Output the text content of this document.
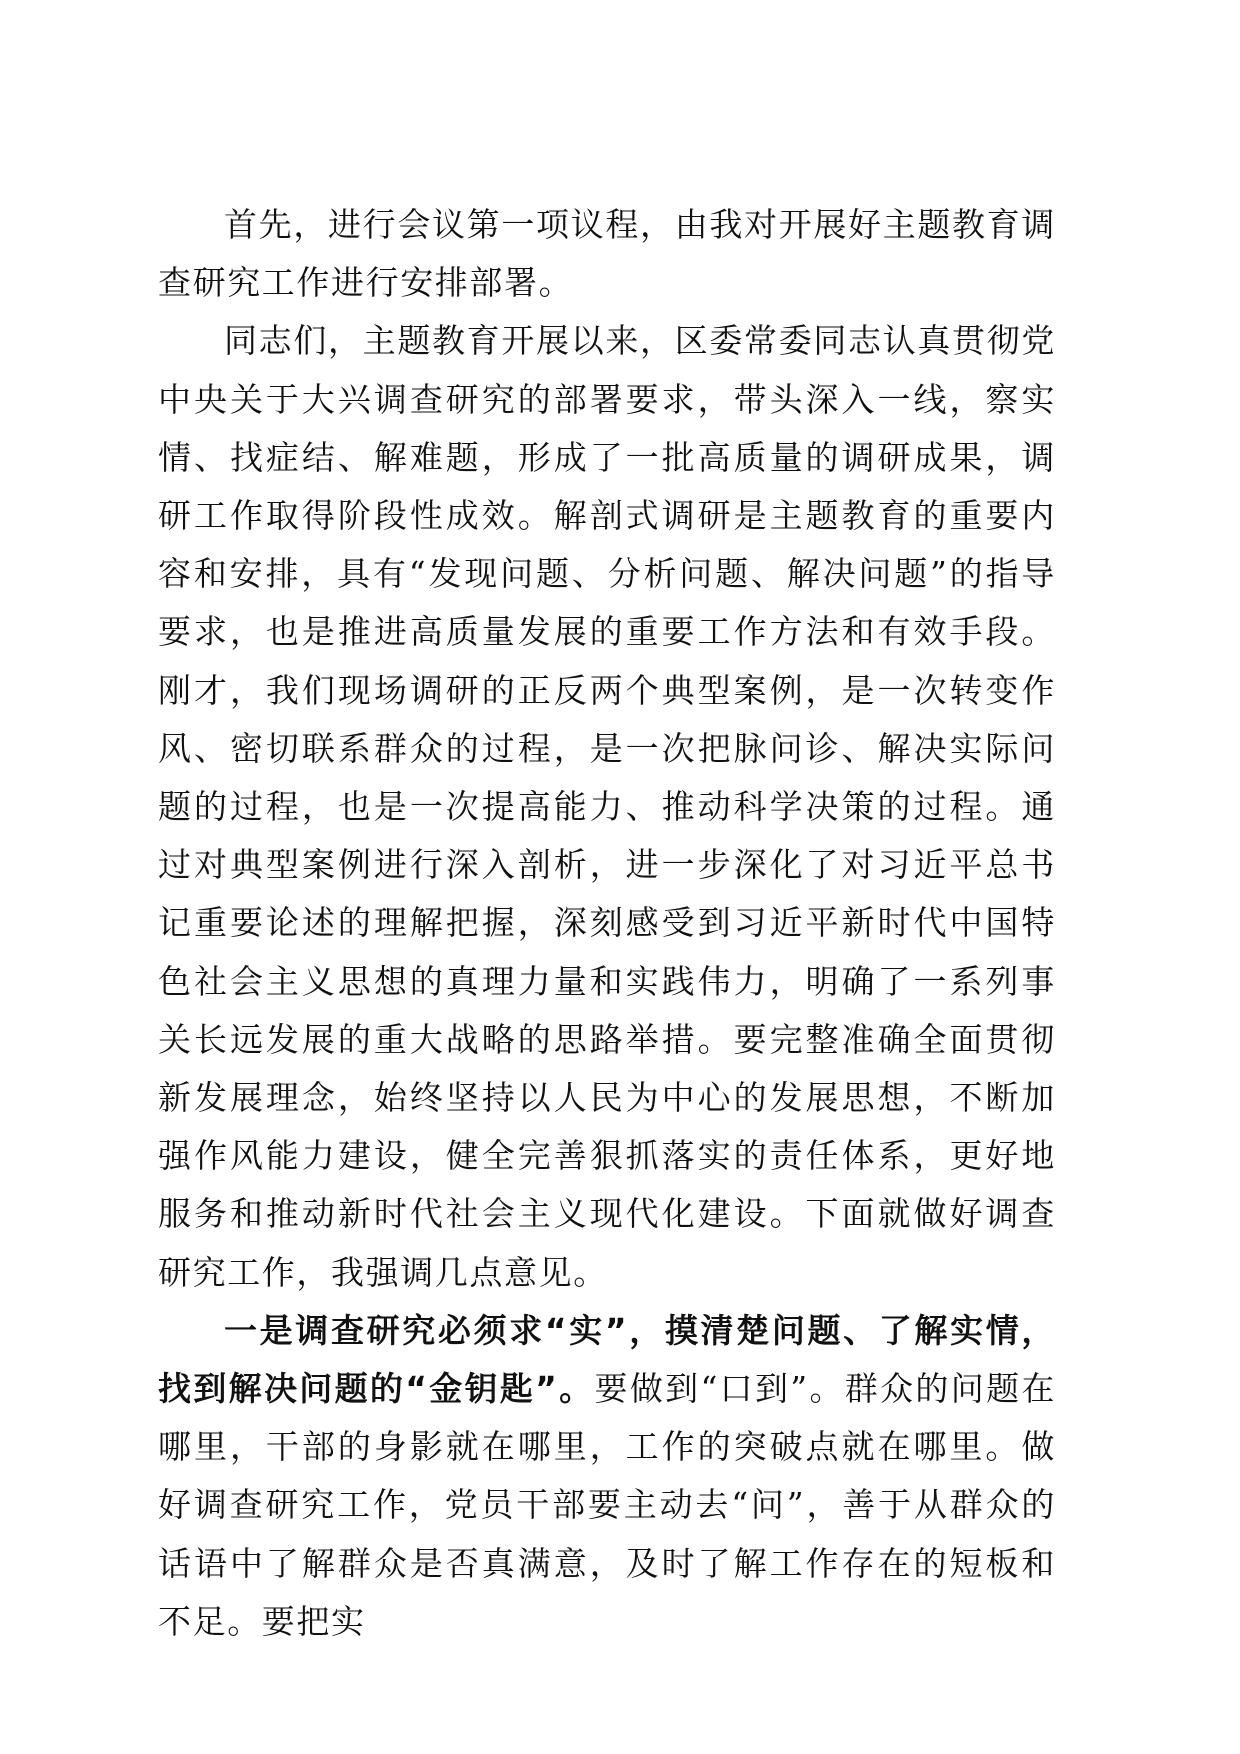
首先，进行会议第一项议程，由我对开展好主题教育调查研究工作进行安排部署。

同志们，主题教育开展以来，区委常委同志认真贯彻党中央关于大兴调查研究的部署要求，带头深入一线，察实情、找症结、解难题，形成了一批高质量的调研成果，调研工作取得阶段性成效。解剖式调研是主题教育的重要内容和安排，具有“发现问题、分析问题、解决问题”的指导要求，也是推进高质量发展的重要工作方法和有效手段。刚才，我们现场调研的正反两个典型案例，是一次转变作风、密切联系群众的过程，是一次把脉问诊、解决实际问题的过程，也是一次提高能力、推动科学决策的过程。通过对典型案例进行深入剖析，进一步深化了对习近平总书记重要论述的理解把握，深刻感受到习近平新时代中国特色社会主义思想的真理力量和实践伟力，明确了一系列事关长远发展的重大战略的思路举措。要完整准确全面贯彻新发展理念，始终坚持以人民为中心的发展思想，不断加强作风能力建设，健全完善狠抓落实的责任体系，更好地服务和推动新时代社会主义现代化建设。下面就做好调查研究工作，我强调几点意见。

一是调查研究必须求“实”，摸清楚问题、了解实情，找到解决问题的“金钥匙”。要做到“口到”。群众的问题在哪里，干部的身影就在哪里，工作的突破点就在哪里。做好调查研究工作，党员干部要主动去“问”，善于从群众的话语中了解群众是否真满意，及时了解工作存在的短板和不足。要把实
